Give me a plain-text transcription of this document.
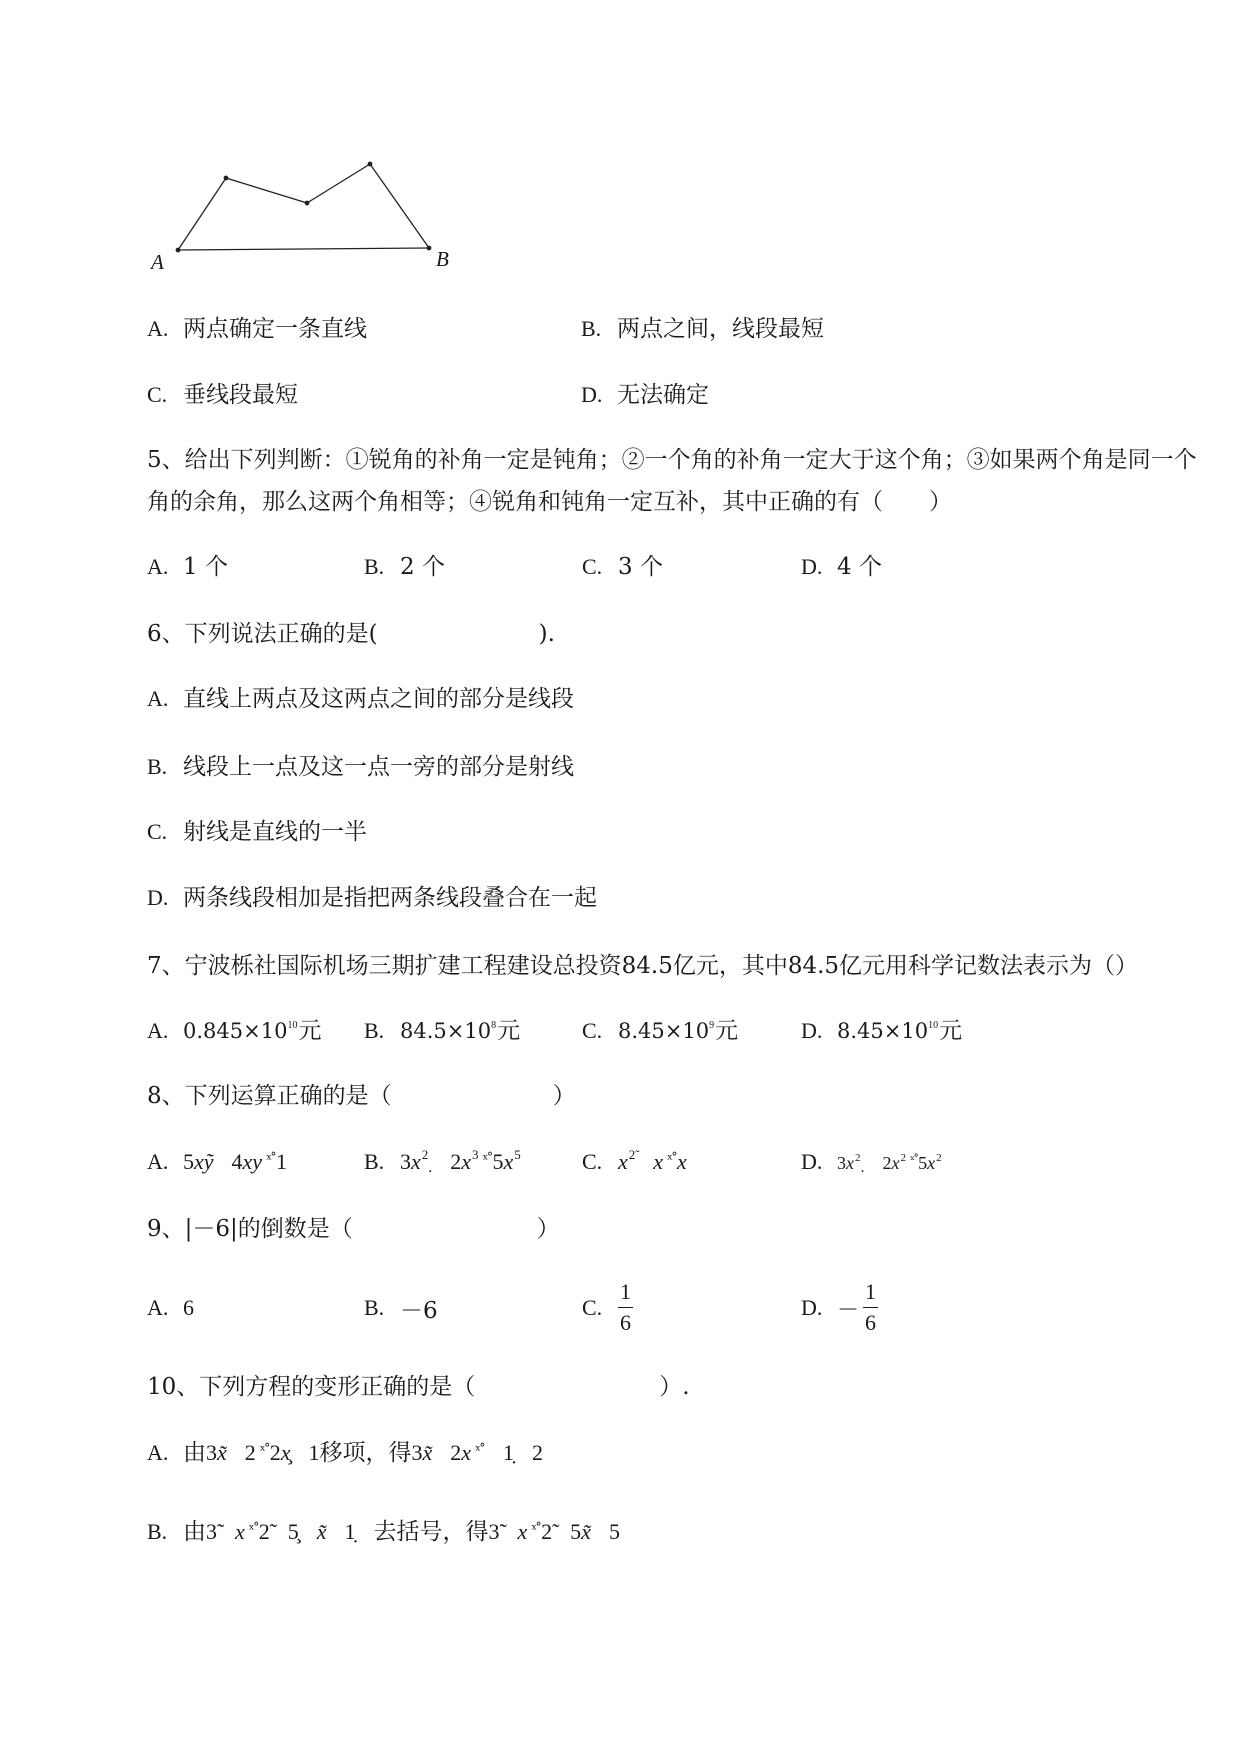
A	B
A. 两点确定一条直线	B. 两点之间，线段最短
C. 垂线段最短	D. 无法确定
5、给出下列判断：①锐角的补角一定是钝角；②一个角的补角一定大于这个角；③如果两个角是同一个
角的余角，那么这两个角相等；④锐角和钝角一定互补，其中正确的有（　　）
A. 1 个	B. 2 个	C. 3 个	D. 4 个
6、下列说法正确的是(　　　　　　　).
A. 直线上两点及这两点之间的部分是线段
B. 线段上一点及这一点一旁的部分是射线
C. 射线是直线的一半
D. 两条线段相加是指把两条线段叠合在一起
7、宁波栎社国际机场三期扩建工程建设总投资84.5亿元，其中84.5亿元用科学记数法表示为（）
A. 0.845×10 10 元 B. 84.5×10 8 元	C. 8.45×10 9 元	D. 8.45×10 10 元
8、下列运算正确的是（　　　　　　　）
A. 5 xỹ 4 xy ˣ˚ 1	B. 3 x 2
. 2 x 3 ˣ˚ 5 x 5	C. x 2̃ x ˣ˚ x	D. 3 x 2
. 2 x 2 ˣ˚ 5 x 2
9、|－6|的倒数是（　　　　　　　　）
A. 6	B. －6	C. $\frac{1}{6}$	D. － $\frac{1}{6}$
10、下列方程的变形正确的是（　　　　　　　　）.
A. 由 3 x̃ 2 ˣ˚ 2 x̧ 1 移项，得 3 x̃ 2 x ˣ˚ 1̣ 2
B. 由 3̃ x ˣ˚ 2̃ 5̧ x̃ 1̣ 去括号，得 3̃ x ˣ˚ 2̃ 5 x̃ 5
